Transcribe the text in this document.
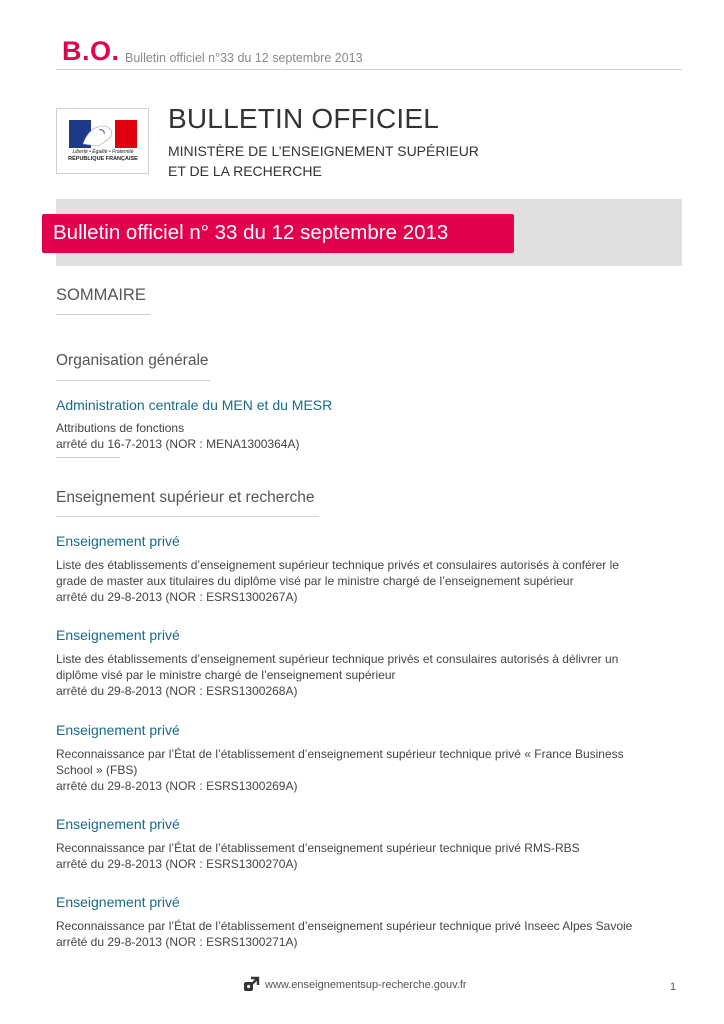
B.O. Bulletin officiel n°33 du 12 septembre 2013
Liberté • Égalité • Fraternité
RÉPUBLIQUE FRANÇAISE
BULLETIN OFFICIEL
MINISTÈRE DE L’ENSEIGNEMENT SUPÉRIEUR
ET DE LA RECHERCHE
Bulletin officiel n° 33 du 12 septembre 2013
SOMMAIRE
Organisation générale
Administration centrale du MEN et du MESR
Attributions de fonctions
arrêté du 16-7-2013 (NOR : MENA1300364A)
Enseignement supérieur et recherche
Enseignement privé
Liste des établissements d’enseignement supérieur technique privés et consulaires autorisés à conférer le
grade de master aux titulaires du diplôme visé par le ministre chargé de l’enseignement supérieur
arrêté du 29-8-2013 (NOR : ESRS1300267A)
Enseignement privé
Liste des établissements d’enseignement supérieur technique privés et consulaires autorisés à délivrer un
diplôme visé par le ministre chargé de l’enseignement supérieur
arrêté du 29-8-2013 (NOR : ESRS1300268A)
Enseignement privé
Reconnaissance par l’État de l’établissement d’enseignement supérieur technique privé « France Business
School » (FBS)
arrêté du 29-8-2013 (NOR : ESRS1300269A)
Enseignement privé
Reconnaissance par l’État de l’établissement d’enseignement supérieur technique privé RMS-RBS
arrêté du 29-8-2013 (NOR : ESRS1300270A)
Enseignement privé
Reconnaissance par l’État de l’établissement d’enseignement supérieur technique privé Inseec Alpes Savoie
arrêté du 29-8-2013 (NOR : ESRS1300271A)
www.enseignementsup-recherche.gouv.fr	1
